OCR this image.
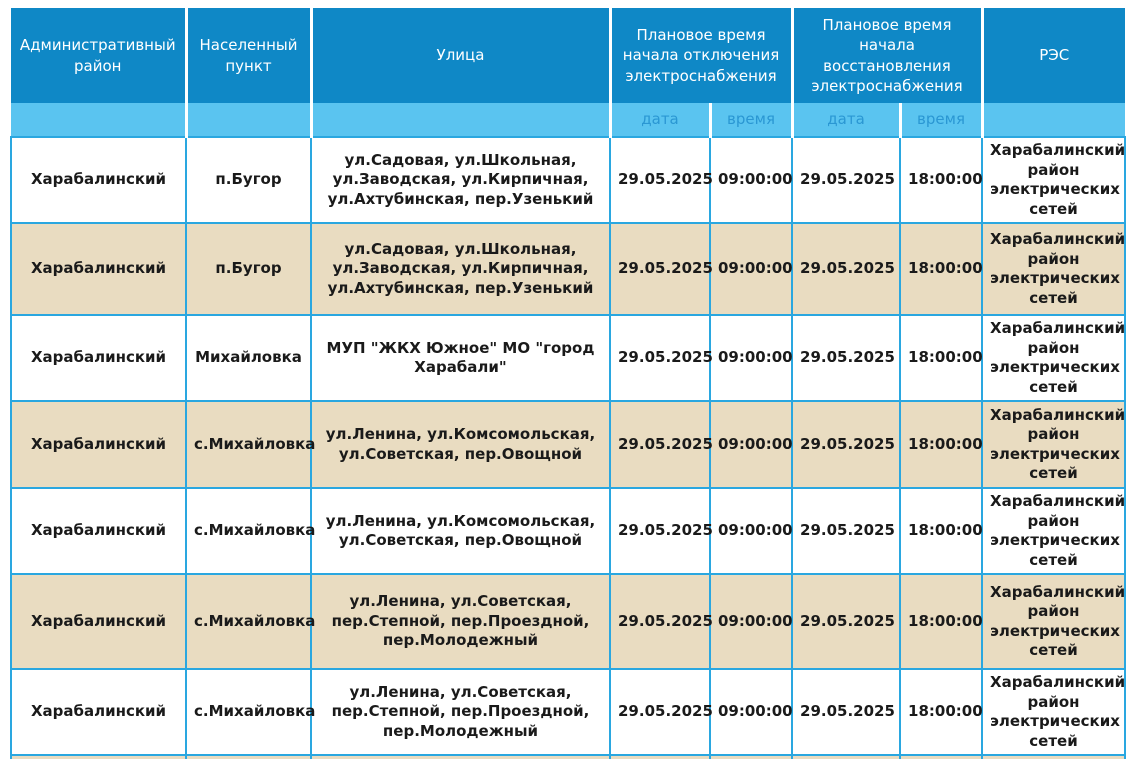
Административный район	Населенный пункт	Улица	Плановое время начала отключения электроснабжения		Плановое время начала восстановления электроснабжения		РЭС
			дата	время	дата	время	
Харабалинский	п.Бугор	ул.Садовая, ул.Школьная, ул.Заводская, ул.Кирпичная, ул.Ахтубинская, пер.Узенький	29.05.2025	09:00:00	29.05.2025	18:00:00	Харабалинский район электрических сетей
Харабалинский	п.Бугор	ул.Садовая, ул.Школьная, ул.Заводская, ул.Кирпичная, ул.Ахтубинская, пер.Узенький	29.05.2025	09:00:00	29.05.2025	18:00:00	Харабалинский район электрических сетей
Харабалинский	Михайловка	МУП "ЖКХ Южное" МО "город Харабали"	29.05.2025	09:00:00	29.05.2025	18:00:00	Харабалинский район электрических сетей
Харабалинский	с.Михайловка	ул.Ленина, ул.Комсомольская, ул.Советская, пер.Овощной	29.05.2025	09:00:00	29.05.2025	18:00:00	Харабалинский район электрических сетей
Харабалинский	с.Михайловка	ул.Ленина, ул.Комсомольская, ул.Советская, пер.Овощной	29.05.2025	09:00:00	29.05.2025	18:00:00	Харабалинский район электрических сетей
Харабалинский	с.Михайловка	ул.Ленина, ул.Советская, пер.Степной, пер.Проездной, пер.Молодежный	29.05.2025	09:00:00	29.05.2025	18:00:00	Харабалинский район электрических сетей
Харабалинский	с.Михайловка	ул.Ленина, ул.Советская, пер.Степной, пер.Проездной, пер.Молодежный	29.05.2025	09:00:00	29.05.2025	18:00:00	Харабалинский район электрических сетей
